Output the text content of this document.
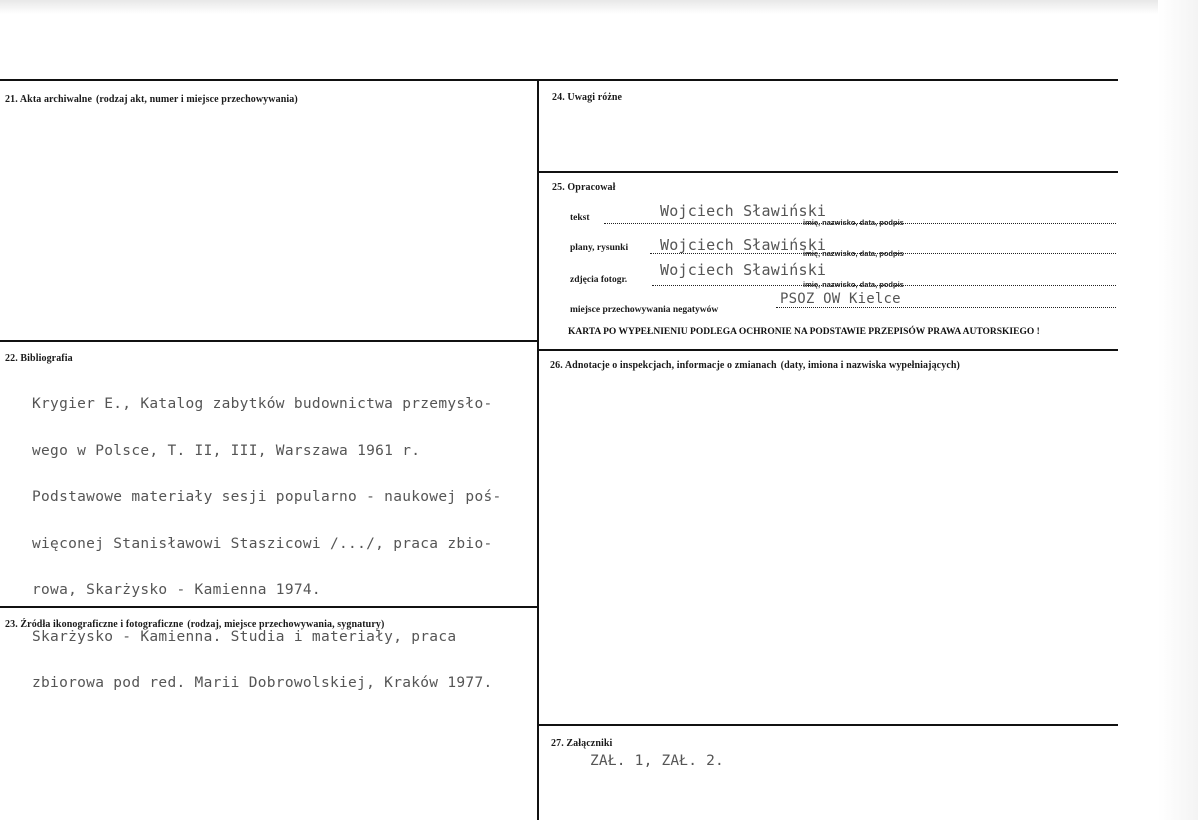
21. Akta archiwalne (rodzaj akt, numer i miejsce przechowywania)
22. Bibliografia

Krygier E., Katalog zabytków budownictwa przemysło-

wego w Polsce, T. II, III, Warszawa 1961 r.

Podstawowe materiały sesji popularno - naukowej poś-

więconej Stanisławowi Staszicowi /.../, praca zbio-

rowa, Skarżysko - Kamienna 1974.

Skarżysko - Kamienna. Studia i materiały, praca

zbiorowa pod red. Marii Dobrowolskiej, Kraków 1977.

23. Źródła ikonograficzne i fotograficzne (rodzaj, miejsce przechowywania, sygnatury)
24. Uwagi różne
25. Opracował
tekst	Wojciech Sławiński
imię, nazwisko, data, podpis
plany, rysunki Wojciech Sławiński
imię, nazwisko, data, podpis
zdjęcia fotogr.
Wojciech Sławiński
imię, nazwisko, data, podpis
miejsce przechowywania negatywów
PSOZ OW Kielce
KARTA PO WYPEŁNIENIU PODLEGA OCHRONIE NA PODSTAWIE PRZEPISÓW PRAWA AUTORSKIEGO !
26. Adnotacje o inspekcjach, informacje o zmianach (daty, imiona i nazwiska wypełniających)
27. Załączniki
ZAŁ. 1, ZAŁ. 2.
